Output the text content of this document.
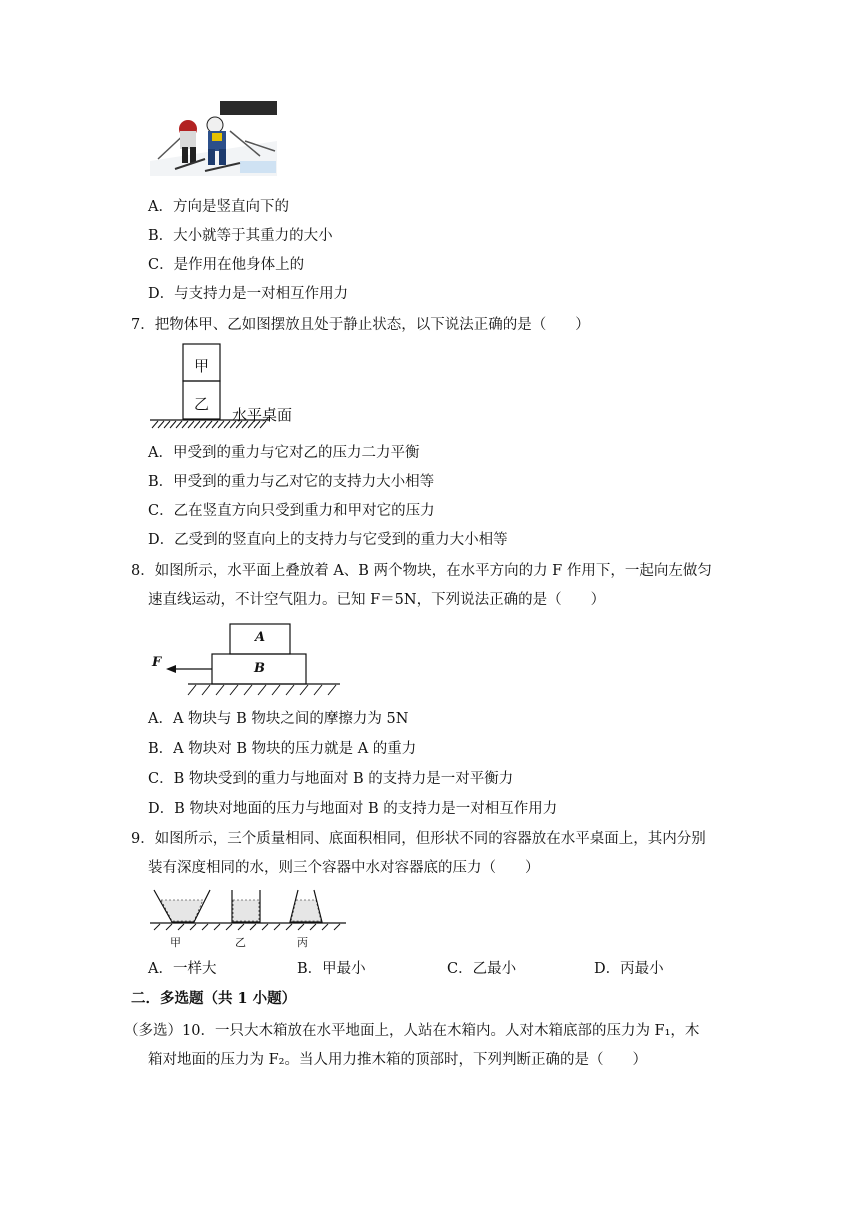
A．方向是竖直向下的
B．大小就等于其重力的大小
C．是作用在他身体上的
D．与支持力是一对相互作用力
7．把物体甲、乙如图摆放且处于静止状态，以下说法正确的是（　　）
甲
乙
水平桌面
A．甲受到的重力与它对乙的压力二力平衡
B．甲受到的重力与乙对它的支持力大小相等
C．乙在竖直方向只受到重力和甲对它的压力
D．乙受到的竖直向上的支持力与它受到的重力大小相等
8．如图所示，水平面上叠放着 A、B 两个物块，在水平方向的力 F 作用下，一起向左做匀
速直线运动，不计空气阻力。已知 F＝5N，下列说法正确的是（　　）
A
B
F
A．A 物块与 B 物块之间的摩擦力为 5N
B．A 物块对 B 物块的压力就是 A 的重力
C．B 物块受到的重力与地面对 B 的支持力是一对平衡力
D．B 物块对地面的压力与地面对 B 的支持力是一对相互作用力
9．如图所示，三个质量相同、底面积相同，但形状不同的容器放在水平桌面上，其内分别
装有深度相同的水，则三个容器中水对容器底的压力（　　）
甲	乙	丙
A．一样大	B．甲最小	C．乙最小	D．丙最小
二．多选题（共 1 小题）
（多选）10．一只大木箱放在水平地面上，人站在木箱内。人对木箱底部的压力为 F₁，木
箱对地面的压力为 F₂。当人用力推木箱的顶部时，下列判断正确的是（　　）
